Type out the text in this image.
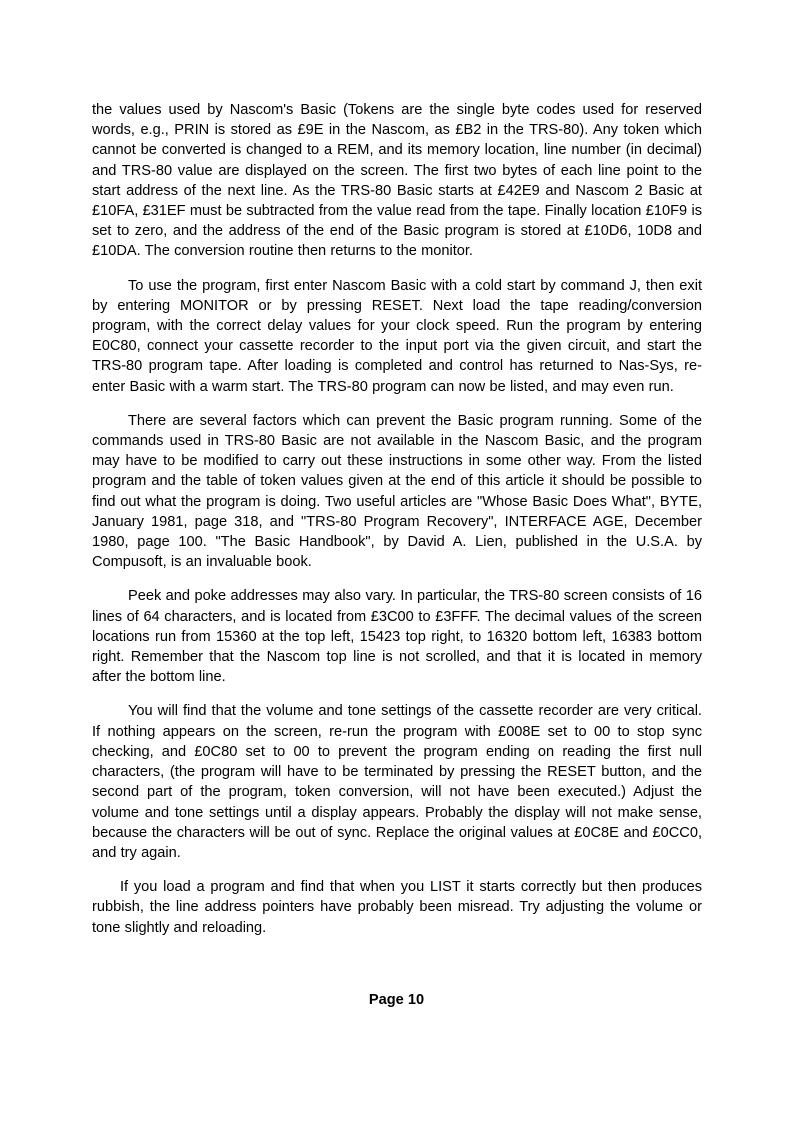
the values used by Nascom's Basic (Tokens are the single byte codes used for reserved words, e.g., PRIN is stored as £9E in the Nascom, as £B2 in the TRS-80). Any token which cannot be converted is changed to a REM, and its memory location, line number (in decimal) and TRS-80 value are displayed on the screen. The first two bytes of each line point to the start address of the next line. As the TRS-80 Basic starts at £42E9 and Nascom 2 Basic at £10FA, £31EF must be subtracted from the value read from the tape. Finally location £10F9 is set to zero, and the address of the end of the Basic program is stored at £10D6, 10D8 and £10DA. The conversion routine then returns to the monitor.

To use the program, first enter Nascom Basic with a cold start by command J, then exit by entering MONITOR or by pressing RESET. Next load the tape reading/conversion program, with the correct delay values for your clock speed. Run the program by entering E0C80, connect your cassette recorder to the input port via the given circuit, and start the TRS-80 program tape. After loading is completed and control has returned to Nas-Sys, re-enter Basic with a warm start. The TRS-80 program can now be listed, and may even run.

There are several factors which can prevent the Basic program running. Some of the commands used in TRS-80 Basic are not available in the Nascom Basic, and the program may have to be modified to carry out these instructions in some other way. From the listed program and the table of token values given at the end of this article it should be possible to find out what the program is doing. Two useful articles are "Whose Basic Does What", BYTE, January 1981, page 318, and "TRS-80 Program Recovery", INTERFACE AGE, December 1980, page 100. "The Basic Handbook", by David A. Lien, published in the U.S.A. by Compusoft, is an invaluable book.

Peek and poke addresses may also vary. In particular, the TRS-80 screen consists of 16 lines of 64 characters, and is located from £3C00 to £3FFF. The decimal values of the screen locations run from 15360 at the top left, 15423 top right, to 16320 bottom left, 16383 bottom right. Remember that the Nascom top line is not scrolled, and that it is located in memory after the bottom line.

You will find that the volume and tone settings of the cassette recorder are very critical. If nothing appears on the screen, re-run the program with £008E set to 00 to stop sync checking, and £0C80 set to 00 to prevent the program ending on reading the first null characters, (the program will have to be terminated by pressing the RESET button, and the second part of the program, token conversion, will not have been executed.) Adjust the volume and tone settings until a display appears. Probably the display will not make sense, because the characters will be out of sync. Replace the original values at £0C8E and £0CC0, and try again.

If you load a program and find that when you LIST it starts correctly but then produces rubbish, the line address pointers have probably been misread. Try adjusting the volume or tone slightly and reloading.

Page 10
